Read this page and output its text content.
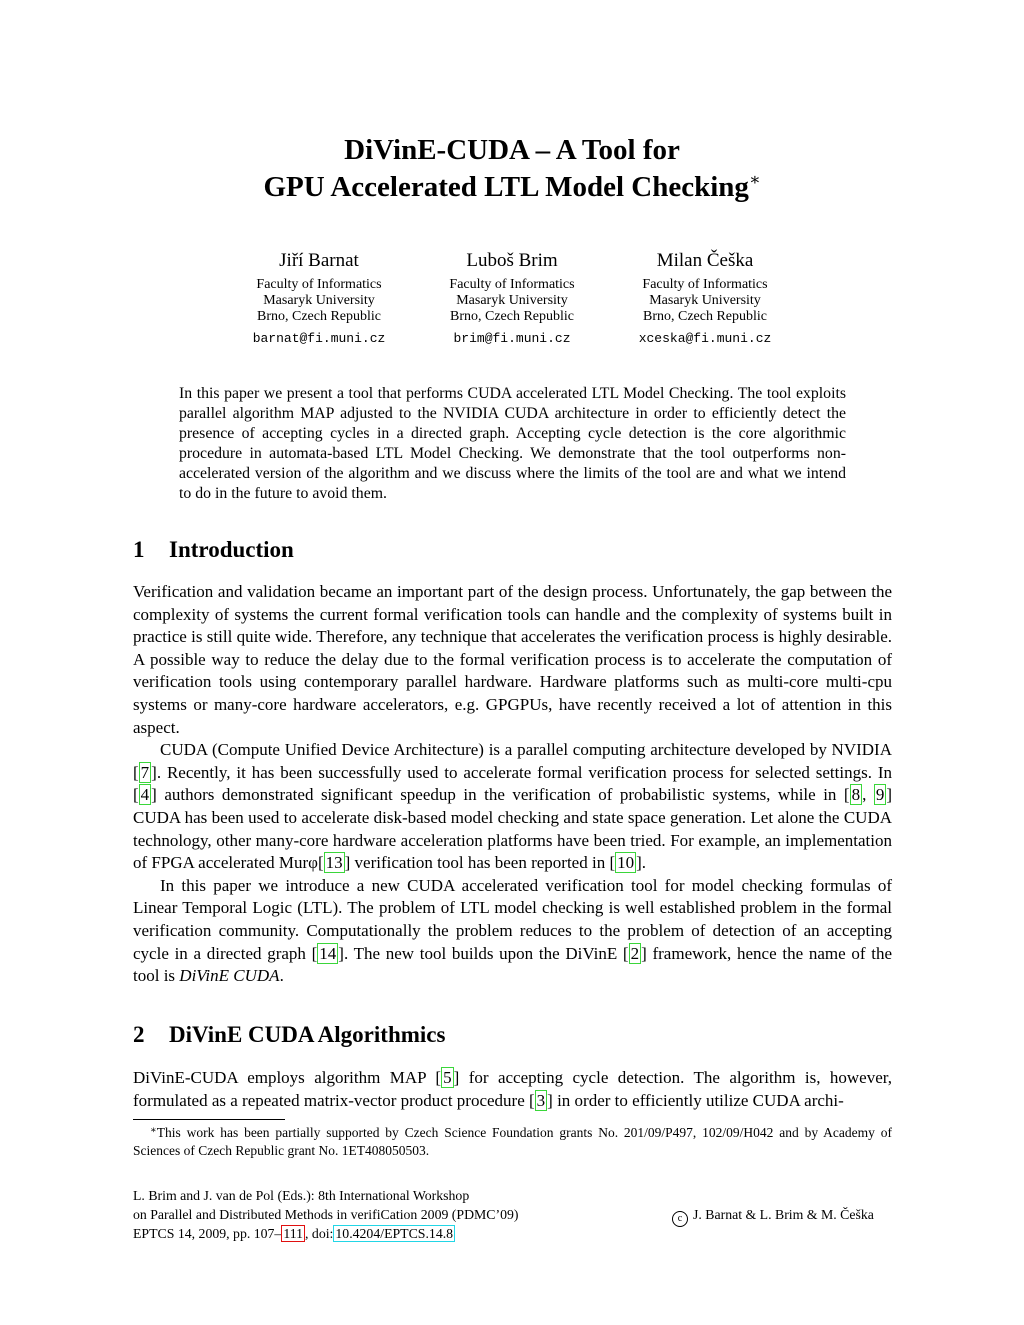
DiVinE-CUDA – A Tool for
GPU Accelerated LTL Model Checking∗
Jiří Barnat
Faculty of Informatics
Masaryk University
Brno, Czech Republic
barnat@fi.muni.cz
Luboš Brim
Faculty of Informatics
Masaryk University
Brno, Czech Republic
brim@fi.muni.cz
Milan Češka
Faculty of Informatics
Masaryk University
Brno, Czech Republic
xceska@fi.muni.cz

In this paper we present a tool that performs CUDA accelerated LTL Model Checking. The tool exploits parallel algorithm MAP adjusted to the NVIDIA CUDA architecture in order to efficiently detect the presence of accepting cycles in a directed graph. Accepting cycle detection is the core algorithmic procedure in automata-based LTL Model Checking. We demonstrate that the tool outperforms non-accelerated version of the algorithm and we discuss where the limits of the tool are and what we intend to do in the future to avoid them.

1 Introduction

Verification and validation became an important part of the design process. Unfortunately, the gap between the complexity of systems the current formal verification tools can handle and the complexity of systems built in practice is still quite wide. Therefore, any technique that accelerates the verification process is highly desirable. A possible way to reduce the delay due to the formal verification process is to accelerate the computation of verification tools using contemporary parallel hardware. Hardware platforms such as multi-core multi-cpu systems or many-core hardware accelerators, e.g. GPGPUs, have recently received a lot of attention in this aspect.

CUDA (Compute Unified Device Architecture) is a parallel computing architecture developed by NVIDIA [ 7 ]. Recently, it has been successfully used to accelerate formal verification process for selected settings. In [ 4 ] authors demonstrated significant speedup in the verification of probabilistic systems, while in [ 8 , 9 ] CUDA has been used to accelerate disk-based model checking and state space generation. Let alone the CUDA technology, other many-core hardware acceleration platforms have been tried. For example, an implementation of FPGA accelerated Murφ[ 13 ] verification tool has been reported in [ 10 ].

In this paper we introduce a new CUDA accelerated verification tool for model checking formulas of Linear Temporal Logic (LTL). The problem of LTL model checking is well established problem in the formal verification community. Computationally the problem reduces to the problem of detection of an accepting cycle in a directed graph [ 14 ]. The new tool builds upon the DiVinE [ 2 ] framework, hence the name of the tool is DiVinE CUDA.

2 DiVinE CUDA Algorithmics

DiVinE-CUDA employs algorithm MAP [ 5 ] for accepting cycle detection. The algorithm is, however, formulated as a repeated matrix-vector product procedure [ 3 ] in order to efficiently utilize CUDA archi-

∗This work has been partially supported by Czech Science Foundation grants No. 201/09/P497, 102/09/H042 and by Academy of Sciences of Czech Republic grant No. 1ET408050503.

L. Brim and J. van de Pol (Eds.): 8th International Workshop
on Parallel and Distributed Methods in verifiCation 2009 (PDMC’09)
EPTCS 14, 2009, pp. 107– 111 , doi: 10.4204/EPTCS.14.8
c J. Barnat & L. Brim & M. Češka
